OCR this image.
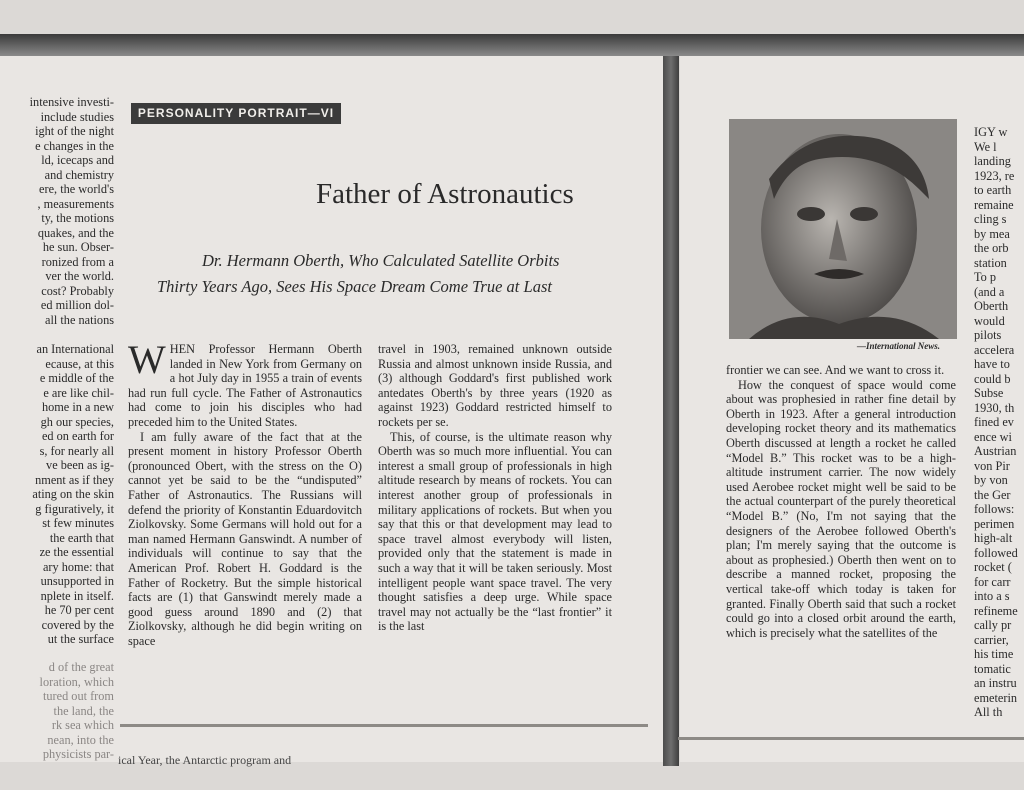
intensive investi-
include studies
ight of the night
e changes in the
ld, icecaps and
and chemistry
ere, the world's
, measurements
ty, the motions
quakes, and the
he sun. Obser-
ronized from a
ver the world.
cost? Probably
ed million dol-
all the nations
an International
ecause, at this
e middle of the
e are like chil-
home in a new
gh our species,
ed on earth for
s, for nearly all
ve been as ig-
nment as if they
ating on the skin
g figuratively, it
st few minutes
the earth that
ze the essential
ary home: that
unsupported in
nplete in itself.
he 70 per cent
covered by the
ut the surface
d of the great
loration, which
tured out from
the land, the
rk sea which
nean, into the
physicists par-
PERSONALITY PORTRAIT—VI
Father of Astronautics
Dr. Hermann Oberth, Who Calculated Satellite Orbits
Thirty Years Ago, Sees His Space Dream Come True at Last

WHEN Professor Hermann Oberth landed in New York from Germany on a hot July day in 1955 a train of events had run full cycle. The Father of Astronautics had come to join his disciples who had preceded him to the United States.

I am fully aware of the fact that at the present moment in history Professor Oberth (pronounced Obert, with the stress on the O) cannot yet be said to be the “undisputed” Father of Astronautics. The Russians will defend the priority of Konstantin Eduardovitch Ziolkovsky. Some Germans will hold out for a man named Hermann Ganswindt. A number of individuals will continue to say that the American Prof. Robert H. Goddard is the Father of Rocketry. But the simple historical facts are (1) that Ganswindt merely made a good guess around 1890 and (2) that Ziolkovsky, although he did begin writing on space

travel in 1903, remained unknown outside Russia and almost unknown inside Russia, and (3) although Goddard's first published work antedates Oberth's by three years (1920 as against 1923) Goddard restricted himself to rockets per se.

This, of course, is the ultimate reason why Oberth was so much more influential. You can interest a small group of professionals in high altitude research by means of rockets. You can interest another group of professionals in military applications of rockets. But when you say that this or that development may lead to space travel almost everybody will listen, provided only that the statement is made in such a way that it will be taken seriously. Most intelligent people want space travel. The very thought satisfies a deep urge. While space travel may not actually be the “last frontier” it is the last

ical Year, the Antarctic program and
—International News.

frontier we can see. And we want to cross it.

How the conquest of space would come about was prophesied in rather fine detail by Oberth in 1923. After a general introduction developing rocket theory and its mathematics Oberth discussed at length a rocket he called “Model B.” This rocket was to be a high-altitude instrument carrier. The now widely used Aerobee rocket might well be said to be the actual counterpart of the purely theoretical “Model B.” (No, I'm not saying that the designers of the Aerobee followed Oberth's plan; I'm merely saying that the outcome is about as prophesied.) Oberth then went on to describe a manned rocket, proposing the vertical take-off which today is taken for granted. Finally Oberth said that such a rocket could go into a closed orbit around the earth, which is precisely what the satellites of the

IGY w
We l
landing
1923, re
to earth
remaine
cling s
by mea
the orb
station
To p
(and a
Oberth
would
pilots
accelera
have to
could b
Subse
1930, th
fined ev
ence wi
Austrian
von Pir
by von
the Ger
follows:
perimen
high-alt
followed
rocket (
for carr
into a s
refineme
cally pr
carrier,
his time
tomatic
an instru
emeterin
All th
